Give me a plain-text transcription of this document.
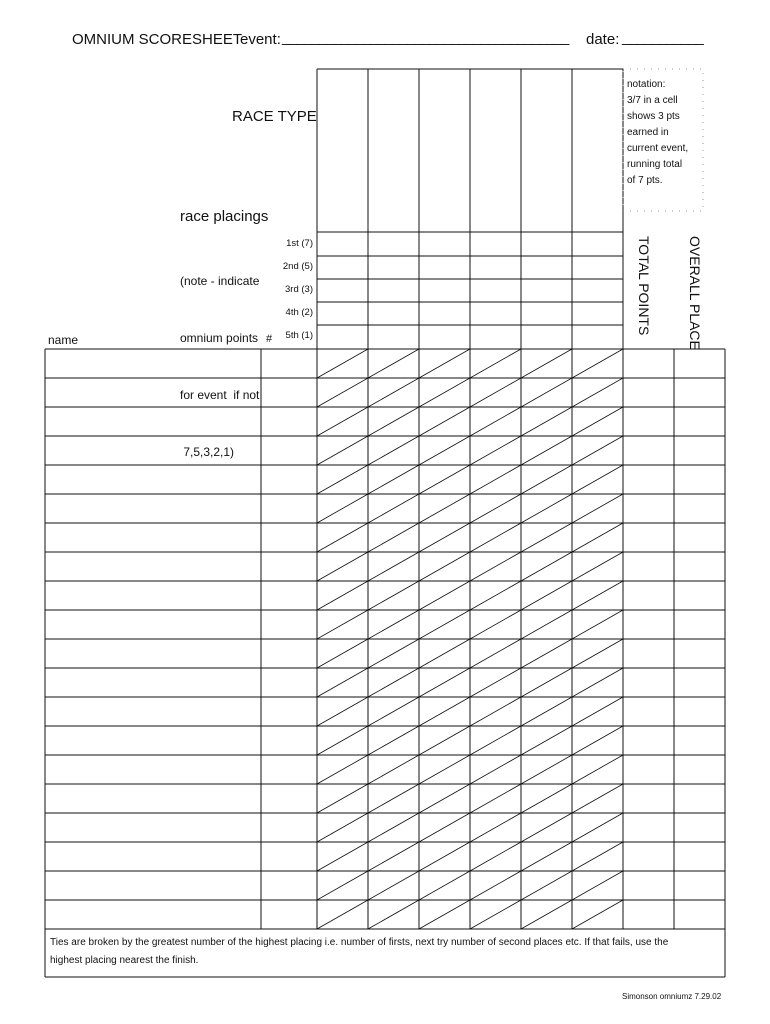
OMNIUM SCORESHEET
event: _______________________________________ date: ___________
RACE TYPE
notation:
3/7 in a cell
shows 3 pts
earned in
current event,
running total
of 7 pts.
race placings

(note - indicate

omnium points

for event  if not

7,5,3,2,1)

1st (7)
2nd (5)
3rd (3)
4th (2)
5th (1)
name	#
TOTAL POINTS	OVERALL PLACE
Ties are broken by the greatest number of the highest placing i.e. number of firsts, next try number of second places etc. If that fails, use the
highest placing nearest the finish.
Simonson omniumz 7.29.02
